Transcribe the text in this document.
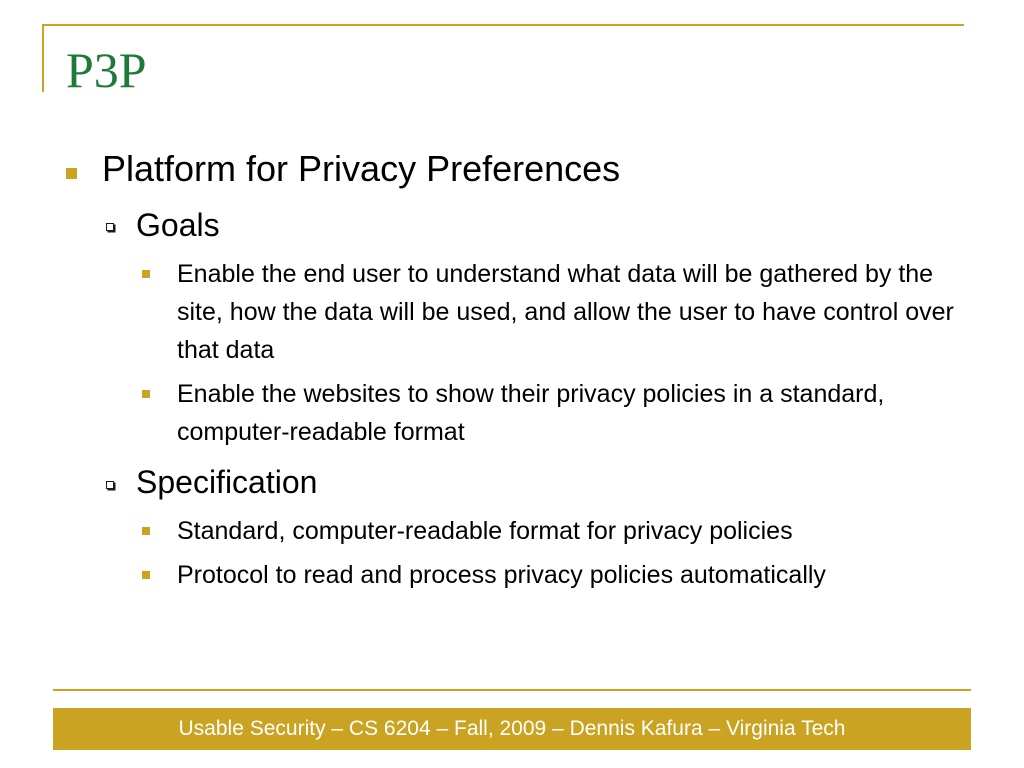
P3P
Platform for Privacy Preferences
Goals
Enable the end user to understand what data will be gathered by the site, how the data will be used, and allow the user to have control over that data
Enable the websites to show their privacy policies in a standard, computer-readable format
Specification
Standard, computer-readable format for privacy policies
Protocol to read and process privacy policies automatically
Usable Security – CS 6204 – Fall, 2009 – Dennis Kafura – Virginia Tech
